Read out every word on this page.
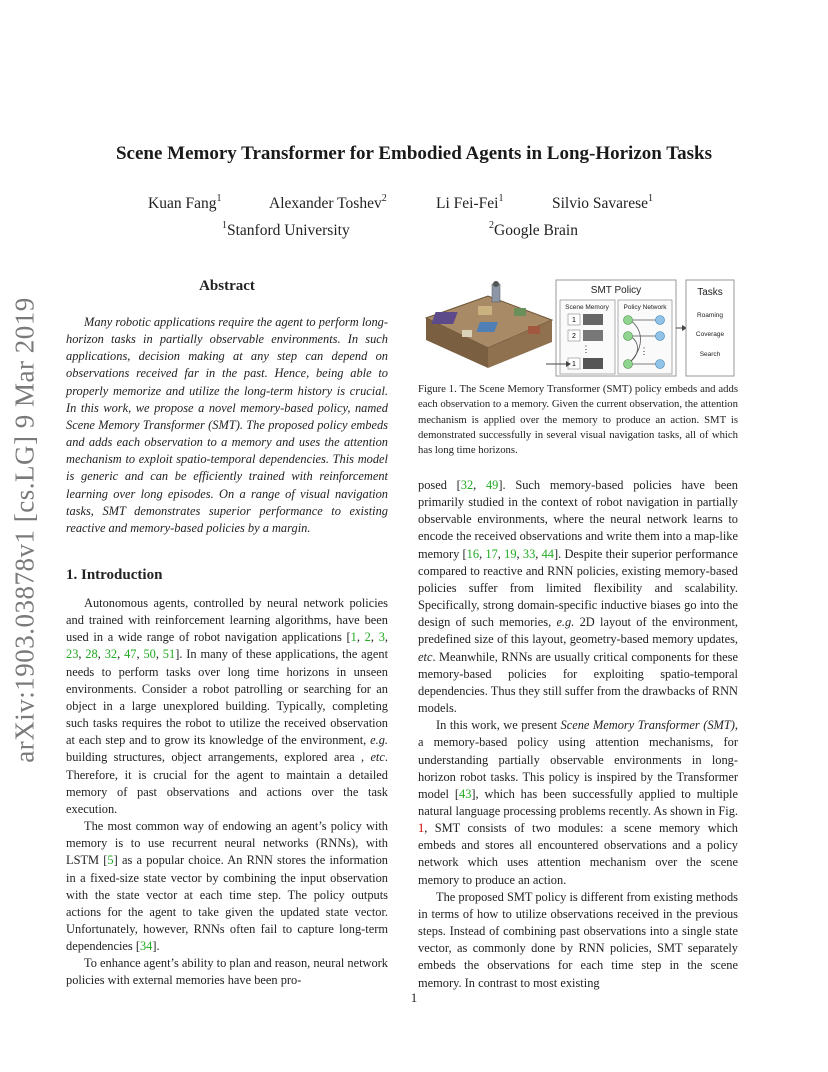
arXiv:1903.03878v1 [cs.LG] 9 Mar 2019
Scene Memory Transformer for Embodied Agents in Long-Horizon Tasks
Kuan Fang$^1$	Alexander Toshev$^2$	Li Fei-Fei$^1$	Silvio Savarese$^1$
$^1$Stanford University	$^2$Google Brain
Abstract

Many robotic applications require the agent to perform long-horizon tasks in partially observable environments. In such applications, decision making at any step can depend on observations received far in the past. Hence, being able to properly memorize and utilize the long-term history is crucial. In this work, we propose a novel memory-based policy, named Scene Memory Transformer (SMT). The proposed policy embeds and adds each observation to a memory and uses the attention mechanism to exploit spatio-temporal dependencies. This model is generic and can be efficiently trained with reinforcement learning over long episodes. On a range of visual navigation tasks, SMT demonstrates superior performance to existing reactive and memory-based policies by a margin.

1. Introduction

Autonomous agents, controlled by neural network policies and trained with reinforcement learning algorithms, have been used in a wide range of robot navigation applications [1, 2, 3, 23, 28, 32, 47, 50, 51]. In many of these applications, the agent needs to perform tasks over long time horizons in unseen environments. Consider a robot patrolling or searching for an object in a large unexplored building. Typically, completing such tasks requires the robot to utilize the received observation at each step and to grow its knowledge of the environment, e.g. building structures, object arrangements, explored area , etc. Therefore, it is crucial for the agent to maintain a detailed memory of past observations and actions over the task execution.

The most common way of endowing an agent’s policy with memory is to use recurrent neural networks (RNNs), with LSTM [5] as a popular choice. An RNN stores the information in a fixed-size state vector by combining the input observation with the state vector at each time step. The policy outputs actions for the agent to take given the updated state vector. Unfortunately, however, RNNs often fail to capture long-term dependencies [34].

To enhance agent’s ability to plan and reason, neural network policies with external memories have been pro-

SMT Policy
Scene Memory Policy Network
1
2
⋮
1
⋮
Tasks
Roaming
Coverage
Search
Figure 1. The Scene Memory Transformer (SMT) policy embeds and adds each observation to a memory. Given the current observation, the attention mechanism is applied over the memory to produce an action. SMT is demonstrated successfully in several visual navigation tasks, all of which has long time horizons.

posed [32, 49]. Such memory-based policies have been primarily studied in the context of robot navigation in partially observable environments, where the neural network learns to encode the received observations and write them into a map-like memory [16, 17, 19, 33, 44]. Despite their superior performance compared to reactive and RNN policies, existing memory-based policies suffer from limited flexibility and scalability. Specifically, strong domain-specific inductive biases go into the design of such memories, e.g. 2D layout of the environment, predefined size of this layout, geometry-based memory updates, etc. Meanwhile, RNNs are usually critical components for these memory-based policies for exploiting spatio-temporal dependencies. Thus they still suffer from the drawbacks of RNN models.

In this work, we present Scene Memory Transformer (SMT), a memory-based policy using attention mechanisms, for understanding partially observable environments in long-horizon robot tasks. This policy is inspired by the Transformer model [43], which has been successfully applied to multiple natural language processing problems recently. As shown in Fig. 1, SMT consists of two modules: a scene memory which embeds and stores all encountered observations and a policy network which uses attention mechanism over the scene memory to produce an action.

The proposed SMT policy is different from existing methods in terms of how to utilize observations received in the previous steps. Instead of combining past observations into a single state vector, as commonly done by RNN policies, SMT separately embeds the observations for each time step in the scene memory. In contrast to most existing

1
